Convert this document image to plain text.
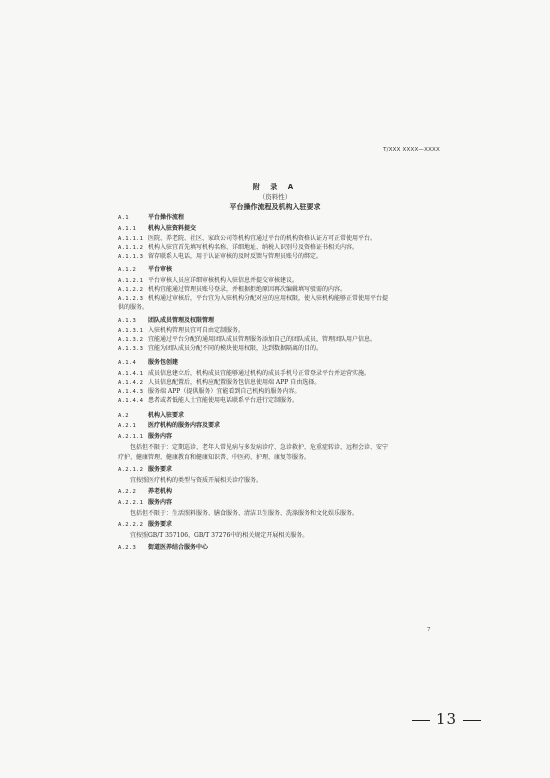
T/XXX XXXX—XXXX
附 录 A
（资料性）
平台操作流程及机构入驻要求
A.1	平台操作流程
A.1.1 机构入驻资料提交
A.1.1.1 医院、养老院、社区、家政公司等机构宜通过平台的机构资格认证方可正常使用平台。
A.1.1.2 机构入驻宜首先填写机构名称、详细地址、纳税人识别号及资格证书相关内容。
A.1.1.3 留存联系人电话，用于认证审核的及时反馈与管理员账号的绑定。
A.1.2 平台审核
A.1.2.1 平台审核人员应详细审核机构入驻信息并提交审核建议。
A.1.2.2 机构宜能通过管理员账号登录，并根据拒绝原因再次编辑填写驳需的内容。
A.1.2.3 机构通过审核后，平台宜为入驻机构分配对应的应用权限，使入驻机构能够正常使用平台提
供的服务。
A.1.3 团队成员管理及权限管理
A.1.3.1 入驻机构管理员宜可自由定制服务。
A.1.3.2 宜能通过平台分配的通用团队成员管理服务添加自己的团队成员，管理团队用户信息。
A.1.3.3 宜能为团队成员分配不同的模块使用权限，达到数据隔离的目的。
A.1.4 服务包创建
A.1.4.1 成员信息建立后，机构成员宜能够通过机构的成员手机号正常登录平台并运营实施。
A.1.4.2 人员信息配置后，机构应配置服务包信息使用端 APP 自由选择。
A.1.4.3 服务端 APP（提供服务）宜能看到自己机构的服务内容。
A.1.4.4 患者或者低能人士宜能使用电话联系平台进行定制服务。
A.2	机构入驻要求
A.2.1 医疗机构的服务内容及要求
A.2.1.1 服务内容
包括但不限于：定期巡诊、老年人常见病与多发病诊疗、急诊救护、危重症转诊、远程会诊、安宁
疗护、健康管理、健康教育和健康知识普、中医药、护理、康复等服务。
A.2.1.2 服务要求
宜按照医疗机构的类型与资质开展相关诊疗服务。
A.2.2 养老机构
A.2.2.1 服务内容
包括但不限于：生活照料服务、膳食服务、清洁卫生服务、洗涤服务和文化娱乐服务。
A.2.2.2 服务要求
宜按照GB/T 357106、GB/T 37276中的相关规定开展相关服务。
A.2.3 街道医养结合服务中心
7
13
